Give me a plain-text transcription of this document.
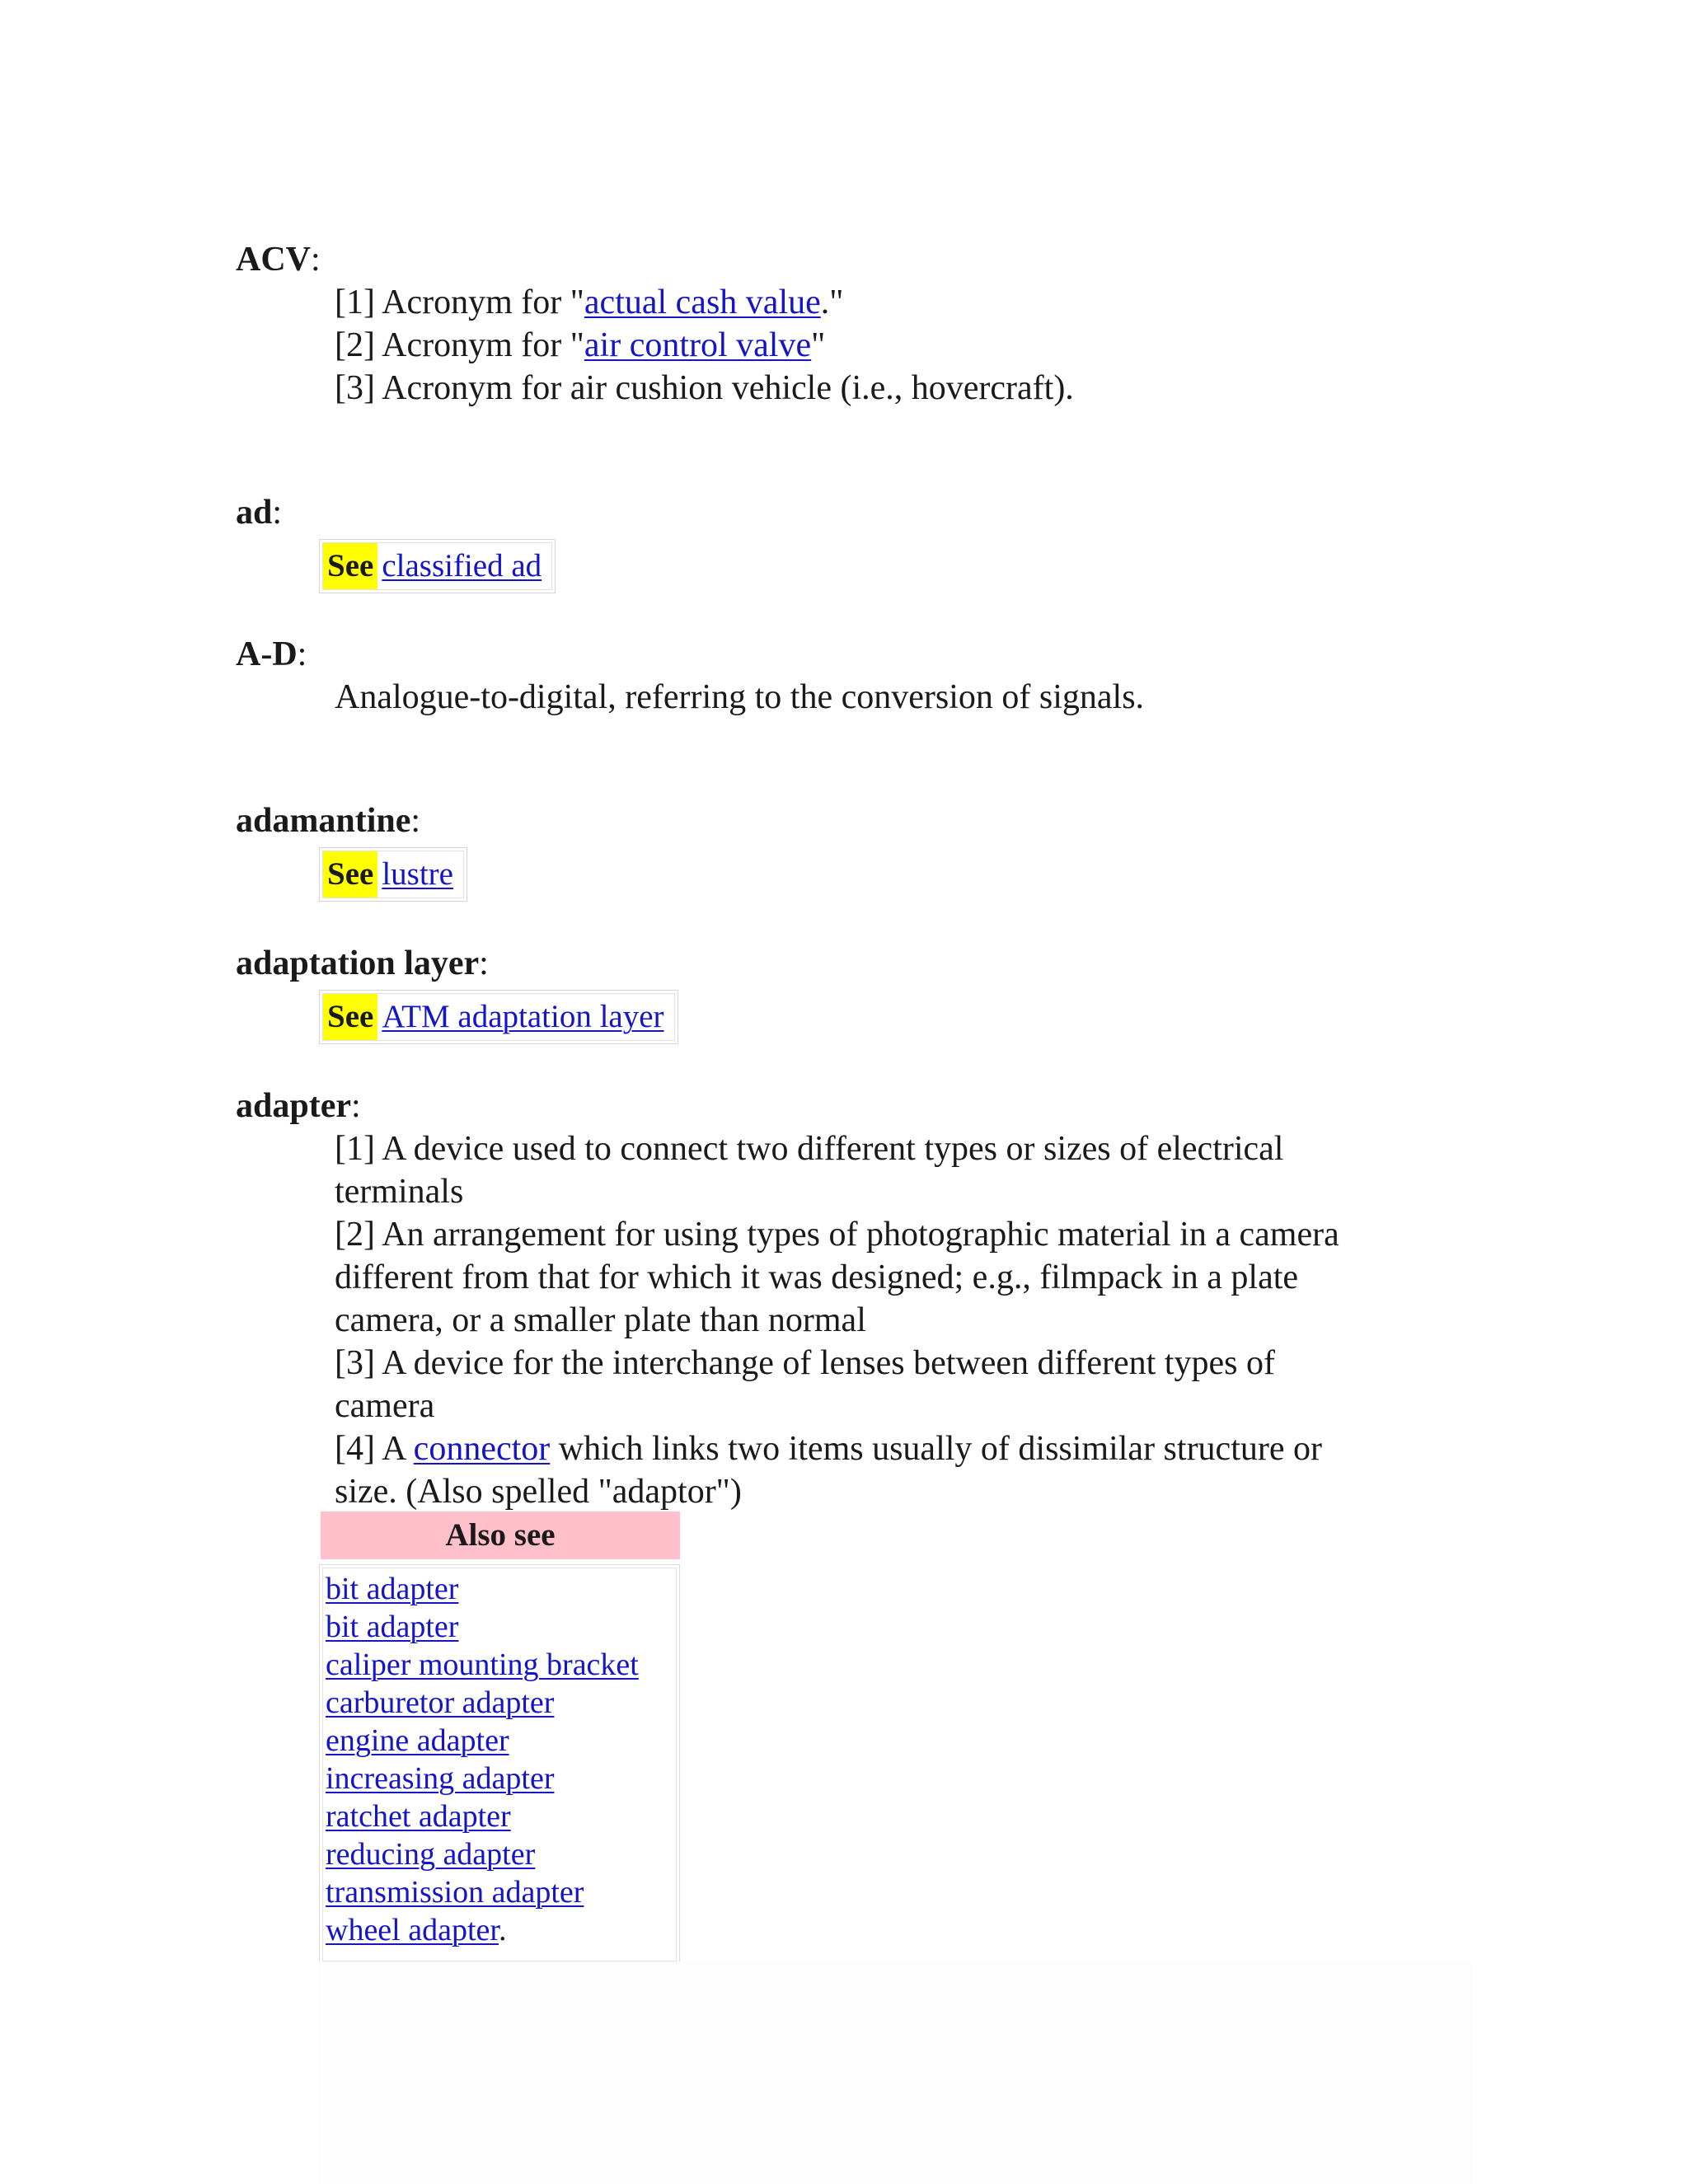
ACV:

[1] Acronym for "actual cash value."
[2] Acronym for "air control valve"
[3] Acronym for air cushion vehicle (i.e., hovercraft).

ad:

See classified ad

A-D:

Analogue-to-digital, referring to the conversion of signals.

adamantine:

See lustre

adaptation layer:

See ATM adaptation layer

adapter:

[1] A device used to connect two different types or sizes of electrical
terminals
[2] An arrangement for using types of photographic material in a camera
different from that for which it was designed; e.g., filmpack in a plate
camera, or a smaller plate than normal
[3] A device for the interchange of lenses between different types of
camera
[4] A connector which links two items usually of dissimilar structure or
size. (Also spelled "adaptor")
Also see
bit adapter
bit adapter
caliper mounting bracket
carburetor adapter
engine adapter
increasing adapter
ratchet adapter
reducing adapter
transmission adapter
wheel adapter.
